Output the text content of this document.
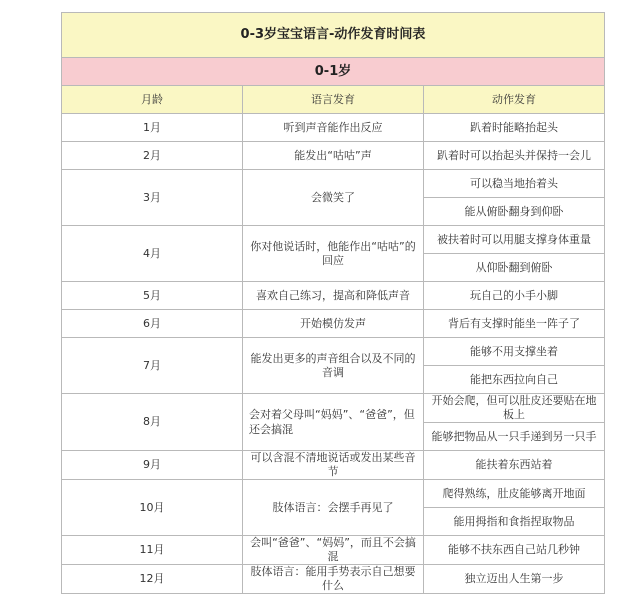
0-3岁宝宝语言-动作发育时间表		
0-1岁		
月龄	语言发育	动作发育
1月	听到声音能作出反应	趴着时能略抬起头
2月	能发出“咕咕”声	趴着时可以抬起头并保持一会儿
3月	会微笑了	可以稳当地抬着头
		能从俯卧翻身到仰卧
4月	你对他说话时，他能作出“咕咕”的回应	被扶着时可以用腿支撑身体重量
		从仰卧翻到俯卧
5月	喜欢自己练习，提高和降低声音	玩自己的小手小脚
6月	开始模仿发声	背后有支撑时能坐一阵子了
7月	能发出更多的声音组合以及不同的音调	能够不用支撑坐着
		能把东西拉向自己
8月	会对着父母叫“妈妈”、“爸爸”，但还会搞混	开始会爬，但可以肚皮还要贴在地板上
		能够把物品从一只手递到另一只手
9月	可以含混不清地说话或发出某些音节	能扶着东西站着
10月	肢体语言：会摆手再见了	爬得熟练，肚皮能够离开地面
		能用拇指和食指捏取物品
11月	会叫“爸爸”、“妈妈”，而且不会搞混	能够不扶东西自己站几秒钟
12月	肢体语言：能用手势表示自己想要什么	独立迈出人生第一步
